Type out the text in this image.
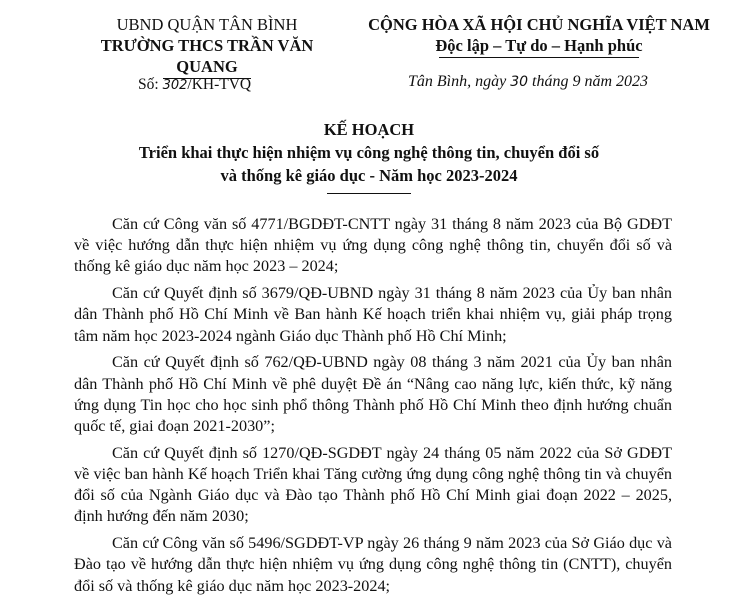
UBND QUẬN TÂN BÌNH
TRƯỜNG THCS TRẦN VĂN QUANG
CỘNG HÒA XÃ HỘI CHỦ NGHĨA VIỆT NAM
Độc lập – Tự do – Hạnh phúc
Số: 302/KH-TVQ	Tân Bình, ngày 30 tháng 9 năm 2023
KẾ HOẠCH
Triển khai thực hiện nhiệm vụ công nghệ thông tin, chuyển đổi số
và thống kê giáo dục - Năm học 2023-2024

Căn cứ Công văn số 4771/BGDĐT-CNTT ngày 31 tháng 8 năm 2023 của Bộ GDĐT về việc hướng dẫn thực hiện nhiệm vụ ứng dụng công nghệ thông tin, chuyển đổi số và thống kê giáo dục năm học 2023 – 2024;

Căn cứ Quyết định số 3679/QĐ-UBND ngày 31 tháng 8 năm 2023 của Ủy ban nhân dân Thành phố Hồ Chí Minh về Ban hành Kế hoạch triển khai nhiệm vụ, giải pháp trọng tâm năm học 2023-2024 ngành Giáo dục Thành phố Hồ Chí Minh;

Căn cứ Quyết định số 762/QĐ-UBND ngày 08 tháng 3 năm 2021 của Ủy ban nhân dân Thành phố Hồ Chí Minh về phê duyệt Đề án “Nâng cao năng lực, kiến thức, kỹ năng ứng dụng Tin học cho học sinh phổ thông Thành phố Hồ Chí Minh theo định hướng chuẩn quốc tế, giai đoạn 2021-2030”;

Căn cứ Quyết định số 1270/QĐ-SGDĐT ngày 24 tháng 05 năm 2022 của Sở GDĐT về việc ban hành Kế hoạch Triển khai Tăng cường ứng dụng công nghệ thông tin và chuyển đổi số của Ngành Giáo dục và Đào tạo Thành phố Hồ Chí Minh giai đoạn 2022 – 2025, định hướng đến năm 2030;

Căn cứ Công văn số 5496/SGDĐT-VP ngày 26 tháng 9 năm 2023 của Sở Giáo dục và Đào tạo về hướng dẫn thực hiện nhiệm vụ ứng dụng công nghệ thông tin (CNTT), chuyển đổi số và thống kê giáo dục năm học 2023-2024;
